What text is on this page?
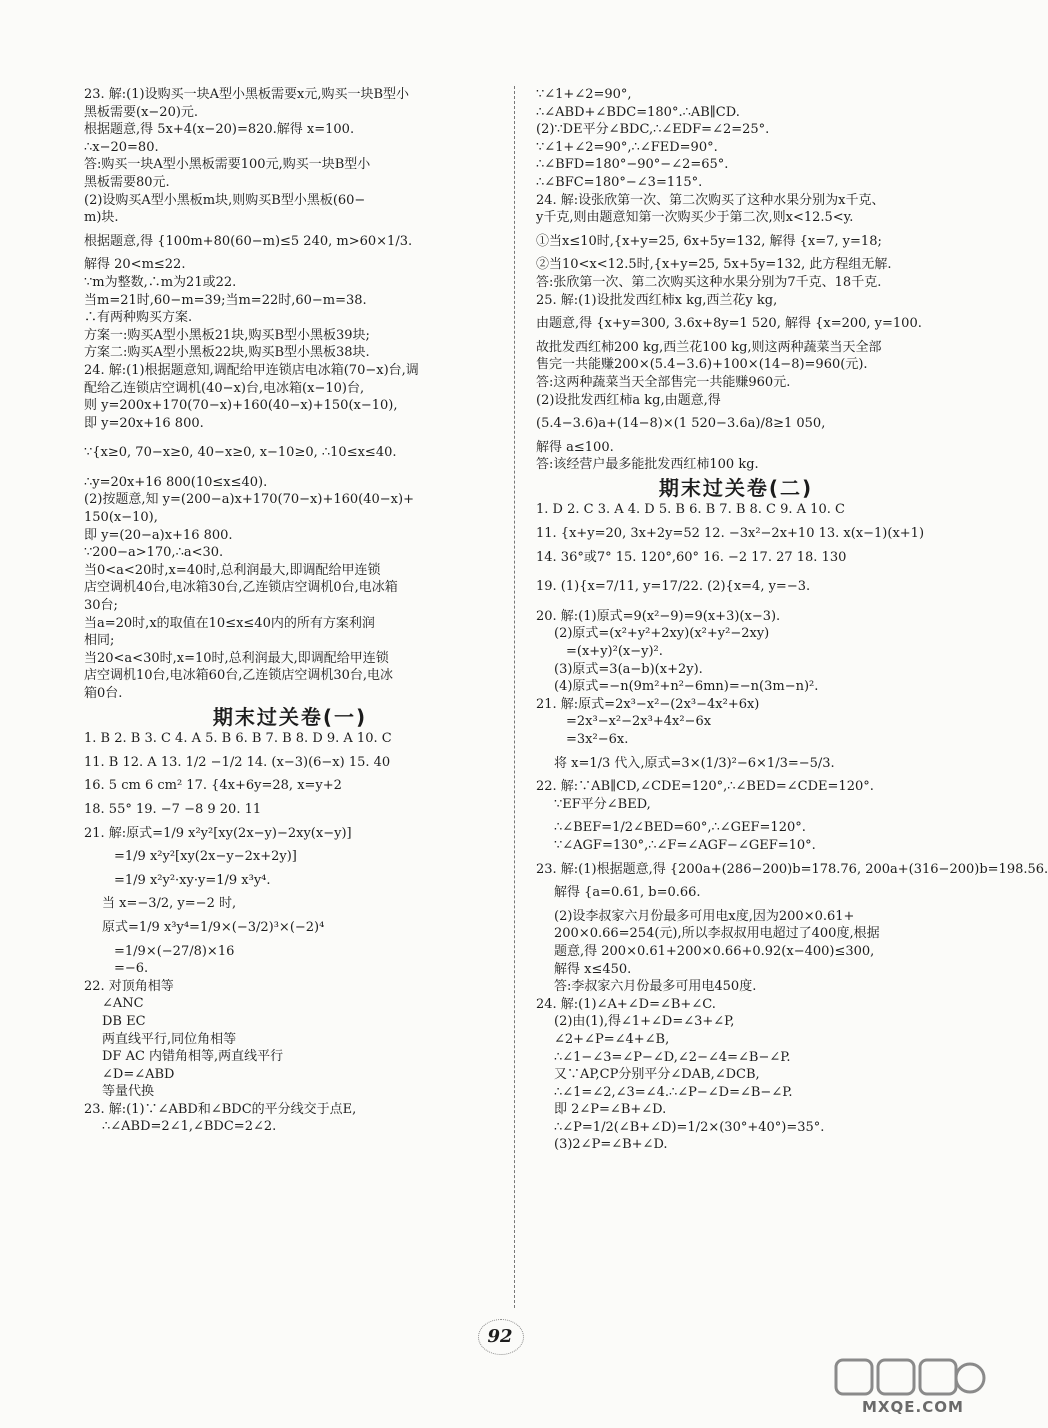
23. 解:(1)设购买一块A型小黑板需要x元,购买一块B型小
黑板需要(x−20)元.
根据题意,得 5x+4(x−20)=820.解得 x=100.
∴x−20=80.
答:购买一块A型小黑板需要100元,购买一块B型小
黑板需要80元.
(2)设购买A型小黑板m块,则购买B型小黑板(60−
m)块.
根据题意,得 {100m+80(60−m)≤5 240, m>60×1/3.
解得 20<m≤22.
∵m为整数,∴m为21或22.
当m=21时,60−m=39;当m=22时,60−m=38.
∴有两种购买方案.
方案一:购买A型小黑板21块,购买B型小黑板39块;
方案二:购买A型小黑板22块,购买B型小黑板38块.
24. 解:(1)根据题意知,调配给甲连锁店电冰箱(70−x)台,调
配给乙连锁店空调机(40−x)台,电冰箱(x−10)台,
则 y=200x+170(70−x)+160(40−x)+150(x−10),
即 y=20x+16 800.
∵{x≥0, 70−x≥0, 40−x≥0, x−10≥0, ∴10≤x≤40.
∴y=20x+16 800(10≤x≤40).
(2)按题意,知 y=(200−a)x+170(70−x)+160(40−x)+
150(x−10),
即 y=(20−a)x+16 800.
∵200−a>170,∴a<30.
当0<a<20时,x=40时,总利润最大,即调配给甲连锁
店空调机40台,电冰箱30台,乙连锁店空调机0台,电冰箱
30台;
当a=20时,x的取值在10≤x≤40内的所有方案利润
相同;
当20<a<30时,x=10时,总利润最大,即调配给甲连锁
店空调机10台,电冰箱60台,乙连锁店空调机30台,电冰
箱0台.
期末过关卷(一)
1. B 2. B 3. C 4. A 5. B 6. B 7. B 8. D 9. A 10. C
11. B 12. A 13. 1/2 −1/2 14. (x−3)(6−x) 15. 40
16. 5 cm 6 cm² 17. {4x+6y=28, x=y+2
18. 55° 19. −7 −8 9 20. 11
21. 解:原式=1/9 x²y²[xy(2x−y)−2xy(x−y)]
=1/9 x²y²[xy(2x−y−2x+2y)]
=1/9 x²y²·xy·y=1/9 x³y⁴.
当 x=−3/2, y=−2 时,
原式=1/9 x³y⁴=1/9×(−3/2)³×(−2)⁴
=1/9×(−27/8)×16
=−6.
22. 对顶角相等
∠ANC
DB EC
两直线平行,同位角相等
DF AC 内错角相等,两直线平行
∠D=∠ABD
等量代换
23. 解:(1)∵∠ABD和∠BDC的平分线交于点E,
∴∠ABD=2∠1,∠BDC=2∠2.
∵∠1+∠2=90°,
∴∠ABD+∠BDC=180°.∴AB∥CD.
(2)∵DE平分∠BDC,∴∠EDF=∠2=25°.
∵∠1+∠2=90°,∴∠FED=90°.
∴∠BFD=180°−90°−∠2=65°.
∴∠BFC=180°−∠3=115°.
24. 解:设张欣第一次、第二次购买了这种水果分别为x千克、
y千克,则由题意知第一次购买少于第二次,则x<12.5<y.
①当x≤10时,{x+y=25, 6x+5y=132, 解得 {x=7, y=18;
②当10<x<12.5时,{x+y=25, 5x+5y=132, 此方程组无解.
答:张欣第一次、第二次购买这种水果分别为7千克、18千克.
25. 解:(1)设批发西红柿x kg,西兰花y kg,
由题意,得 {x+y=300, 3.6x+8y=1 520, 解得 {x=200, y=100.
故批发西红柿200 kg,西兰花100 kg,则这两种蔬菜当天全部
售完一共能赚200×(5.4−3.6)+100×(14−8)=960(元).
答:这两种蔬菜当天全部售完一共能赚960元.
(2)设批发西红柿a kg,由题意,得
(5.4−3.6)a+(14−8)×(1 520−3.6a)/8≥1 050,
解得 a≤100.
答:该经营户最多能批发西红柿100 kg.
期末过关卷(二)
1. D 2. C 3. A 4. D 5. B 6. B 7. B 8. C 9. A 10. C
11. {x+y=20, 3x+2y=52 12. −3x²−2x+10 13. x(x−1)(x+1)
14. 36°或7° 15. 120°,60° 16. −2 17. 27 18. 130
19. (1){x=7/11, y=17/22. (2){x=4, y=−3.
20. 解:(1)原式=9(x²−9)=9(x+3)(x−3).
(2)原式=(x²+y²+2xy)(x²+y²−2xy)
=(x+y)²(x−y)².
(3)原式=3(a−b)(x+2y).
(4)原式=−n(9m²+n²−6mn)=−n(3m−n)².
21. 解:原式=2x³−x²−(2x³−4x²+6x)
=2x³−x²−2x³+4x²−6x
=3x²−6x.
将 x=1/3 代入,原式=3×(1/3)²−6×1/3=−5/3.
22. 解:∵AB∥CD,∠CDE=120°,∴∠BED=∠CDE=120°.
∵EF平分∠BED,
∴∠BEF=1/2∠BED=60°,∴∠GEF=120°.
∵∠AGF=130°,∴∠F=∠AGF−∠GEF=10°.
23. 解:(1)根据题意,得 {200a+(286−200)b=178.76, 200a+(316−200)b=198.56.
解得 {a=0.61, b=0.66.
(2)设李叔家六月份最多可用电x度,因为200×0.61+
200×0.66=254(元),所以李叔叔用电超过了400度,根据
题意,得 200×0.61+200×0.66+0.92(x−400)≤300,
解得 x≤450.
答:李叔家六月份最多可用电450度.
24. 解:(1)∠A+∠D=∠B+∠C.
(2)由(1),得∠1+∠D=∠3+∠P,
∠2+∠P=∠4+∠B,
∴∠1−∠3=∠P−∠D,∠2−∠4=∠B−∠P.
又∵AP,CP分别平分∠DAB,∠DCB,
∴∠1=∠2,∠3=∠4.∴∠P−∠D=∠B−∠P.
即 2∠P=∠B+∠D.
∴∠P=1/2(∠B+∠D)=1/2×(30°+40°)=35°.
(3)2∠P=∠B+∠D.
92
MXQE.COM
